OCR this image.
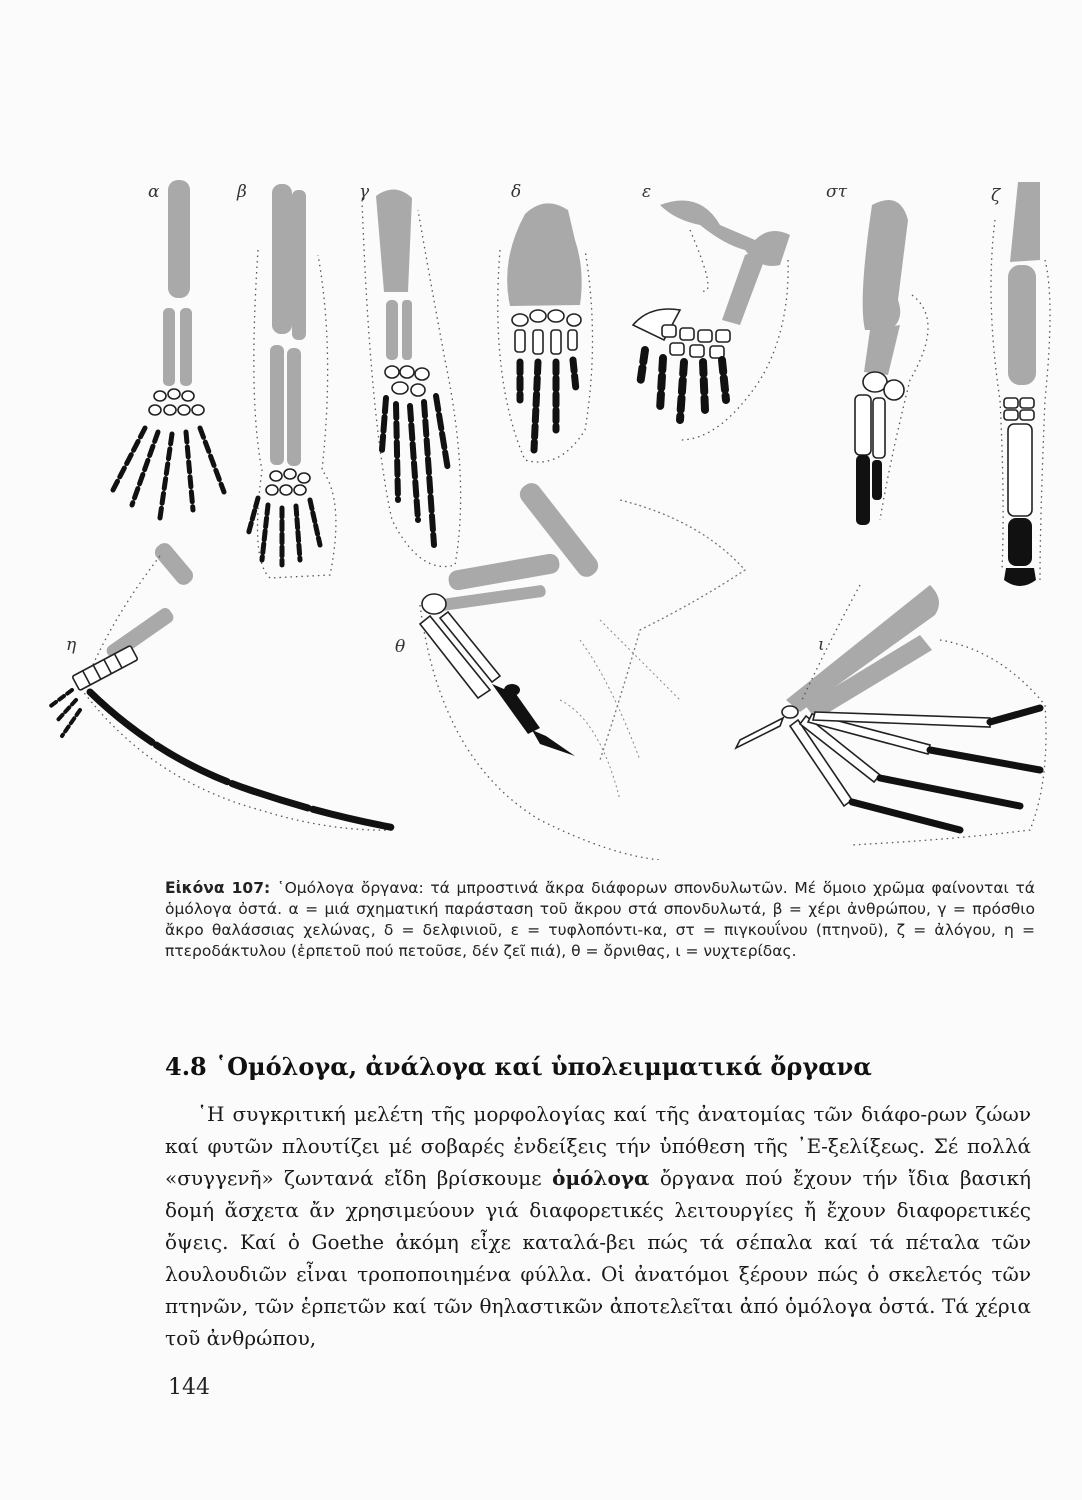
α	β	γ	δ	ε	στ	ζ
η	θ	ι
Εἰκόνα 107: ῾Ομόλογα ὄργανα: τά μπροστινά ἄκρα διάφορων σπονδυλωτῶν. Μέ ὅμοιο χρῶμα φαίνονται τά ὁμόλογα ὀστά. α = μιά σχηματική παράσταση τοῦ ἄκρου στά σπονδυλωτά, β = χέρι ἀνθρώπου, γ = πρόσθιο ἄκρο θαλάσσιας χελώνας, δ = δελφινιοῦ, ε = τυφλοπόντι-κα, στ = πιγκουΐνου (πτηνοῦ), ζ = ἀλόγου, η = πτεροδάκτυλου (ἑρπετοῦ πού πετοῦσε, δέν ζεῖ πιά), θ = ὄρνιθας, ι = νυχτερίδας.
4.8 ῾Ομόλογα, ἀνάλογα καί ὑπολειμματικά ὄργανα
῾Η συγκριτική μελέτη τῆς μορφολογίας καί τῆς ἀνατομίας τῶν διάφο-ρων ζώων καί φυτῶν πλουτίζει μέ σοβαρές ἐνδείξεις τήν ὑπόθεση τῆς ᾿Ε-ξελίξεως. Σέ πολλά «συγγενῆ» ζωντανά εἴδη βρίσκουμε ὁμόλογα ὄργανα πού ἔχουν τήν ἴδια βασική δομή ἄσχετα ἄν χρησιμεύουν γιά διαφορετικές λειτουργίες ἤ ἔχουν διαφορετικές ὄψεις. Καί ὁ Goethe ἀκόμη εἶχε καταλά-βει πώς τά σέπαλα καί τά πέταλα τῶν λουλουδιῶν εἶναι τροποποιημένα φύλλα. Οἱ ἀνατόμοι ξέρουν πώς ὁ σκελετός τῶν πτηνῶν, τῶν ἑρπετῶν καί τῶν θηλαστικῶν ἀποτελεῖται ἀπό ὁμόλογα ὀστά. Τά χέρια τοῦ ἀνθρώπου,
144
